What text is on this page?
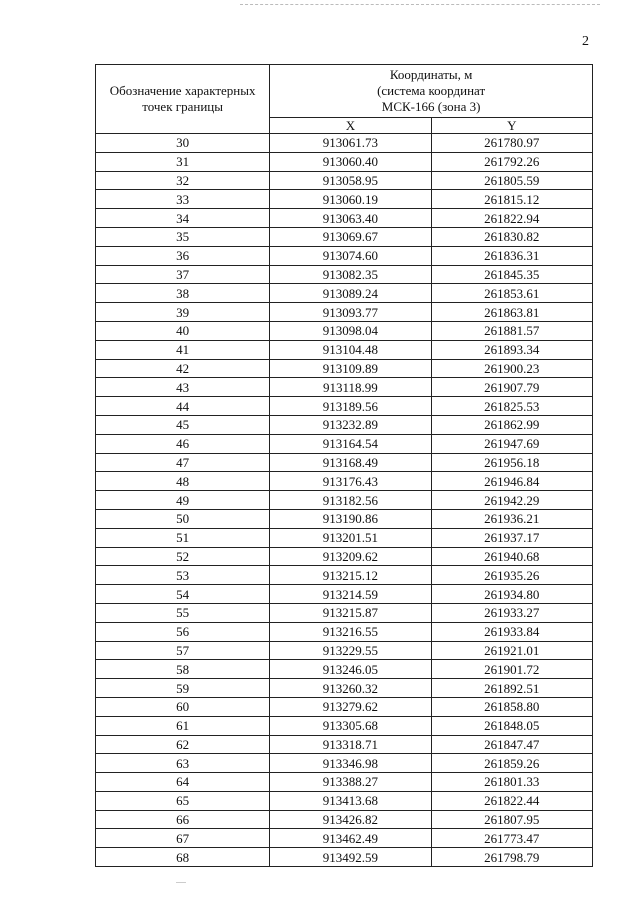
2
Обозначение характерных точек границы	Координаты, м
(система координат
МСК-166 (зона 3)	

	X	Y
30	913061.73	261780.97
31	913060.40	261792.26
32	913058.95	261805.59
33	913060.19	261815.12
34	913063.40	261822.94
35	913069.67	261830.82
36	913074.60	261836.31
37	913082.35	261845.35
38	913089.24	261853.61
39	913093.77	261863.81
40	913098.04	261881.57
41	913104.48	261893.34
42	913109.89	261900.23
43	913118.99	261907.79
44	913189.56	261825.53
45	913232.89	261862.99
46	913164.54	261947.69
47	913168.49	261956.18
48	913176.43	261946.84
49	913182.56	261942.29
50	913190.86	261936.21
51	913201.51	261937.17
52	913209.62	261940.68
53	913215.12	261935.26
54	913214.59	261934.80
55	913215.87	261933.27
56	913216.55	261933.84
57	913229.55	261921.01
58	913246.05	261901.72
59	913260.32	261892.51
60	913279.62	261858.80
61	913305.68	261848.05
62	913318.71	261847.47
63	913346.98	261859.26
64	913388.27	261801.33
65	913413.68	261822.44
66	913426.82	261807.95
67	913462.49	261773.47
68	913492.59	261798.79
